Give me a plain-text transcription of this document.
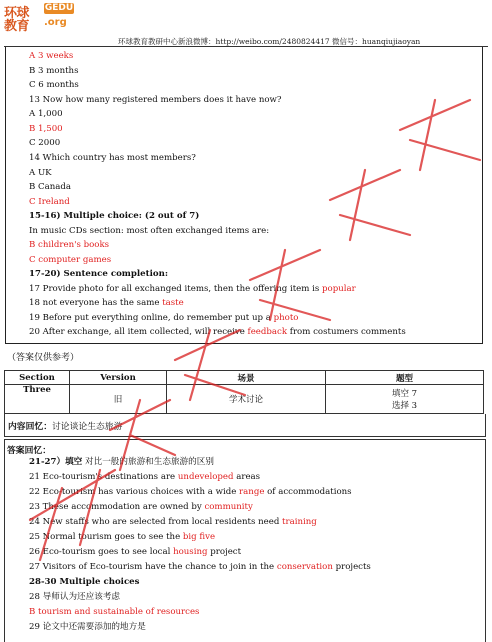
环球 GEDU
教育 .org
环球教育教研中心新浪微博：http://weibo.com/2480824417 微信号：huanqiujiaoyan
A 3 weeks
B 3 months
C 6 months
13 Now how many registered members does it have now?
A 1,000
B 1,500
C 2000
14 Which country has most members?
A UK
B Canada
C Ireland
15-16) Multiple choice: (2 out of 7)
In music CDs section: most often exchanged items are:
B children's books
C computer games
17-20) Sentence completion:
17 Provide photo for all exchanged items, then the offering item is popular
18 not everyone has the same taste
19 Before put everything online, do remember put up a photo
20 After exchange, all item collected, will receive feedback from costumers comments
（答案仅供参考）
Section	Version	场景	题型
Three	旧	学术讨论	填空 7
选择 3
内容回忆：讨论谈论生态旅游
答案回忆：
21-27）填空 对比一般的旅游和生态旅游的区别
21 Eco-tourism's destinations are undeveloped areas
22 Eco-tourism has various choices with a wide range of accommodations
23 These accommodation are owned by community
24 New staffs who are selected from local residents need training
25 Normal tourism goes to see the big five
26 Eco-tourism goes to see local housing project
27 Visitors of Eco-tourism have the chance to join in the conservation projects
28-30 Multiple choices
28 导师认为还应该考虑
B tourism and sustainable of resources
29 论文中还需要添加的地方是
